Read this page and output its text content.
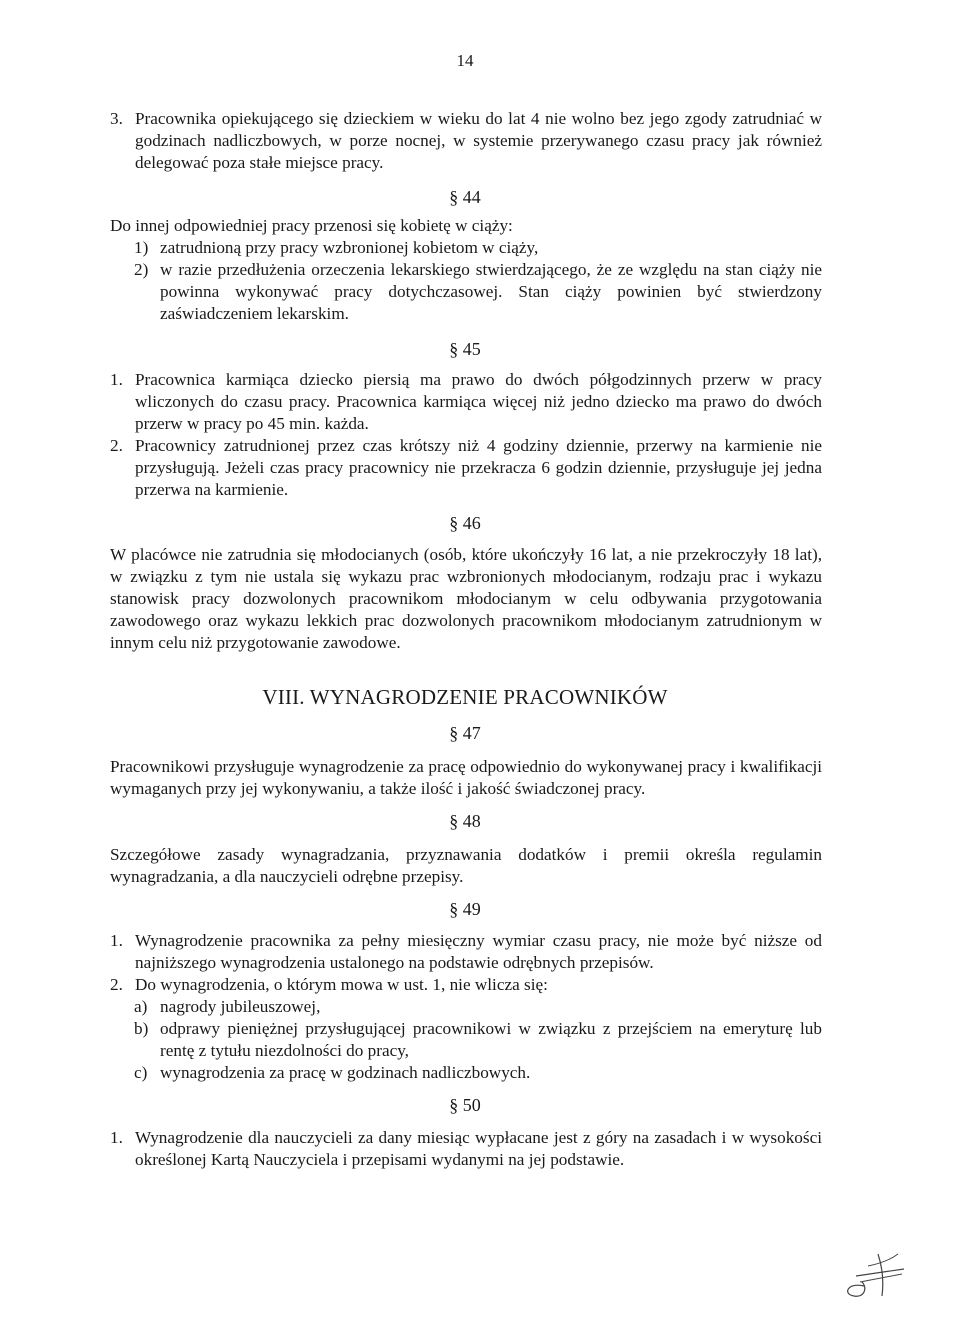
14

3. Pracownika opiekującego się dzieckiem w wieku do lat 4 nie wolno bez jego zgody zatrudniać w godzinach nadliczbowych, w porze nocnej, w systemie przerywanego czasu pracy jak również delegować poza stałe miejsce pracy.

§ 44

Do innej odpowiedniej pracy przenosi się kobietę w ciąży:

1) zatrudnioną przy pracy wzbronionej kobietom w ciąży,

2) w razie przedłużenia orzeczenia lekarskiego stwierdzającego, że ze względu na stan ciąży nie powinna wykonywać pracy dotychczasowej. Stan ciąży powinien być stwierdzony zaświadczeniem lekarskim.

§ 45

1. Pracownica karmiąca dziecko piersią ma prawo do dwóch półgodzinnych przerw w pracy wliczonych do czasu pracy. Pracownica karmiąca więcej niż jedno dziecko ma prawo do dwóch przerw w pracy po 45 min. każda.

2. Pracownicy zatrudnionej przez czas krótszy niż 4 godziny dziennie, przerwy na karmienie nie przysługują. Jeżeli czas pracy pracownicy nie przekracza 6 godzin dziennie, przysługuje jej jedna przerwa na karmienie.

§ 46

W placówce nie zatrudnia się młodocianych (osób, które ukończyły 16 lat, a nie przekroczyły 18 lat), w związku z tym nie ustala się wykazu prac wzbronionych młodocianym, rodzaju prac i wykazu stanowisk pracy dozwolonych pracownikom młodocianym w celu odbywania przygotowania zawodowego oraz wykazu lekkich prac dozwolonych pracownikom młodocianym zatrudnionym w innym celu niż przygotowanie zawodowe.

VIII. WYNAGRODZENIE PRACOWNIKÓW
§ 47

Pracownikowi przysługuje wynagrodzenie za pracę odpowiednio do wykonywanej pracy i kwalifikacji wymaganych przy jej wykonywaniu, a także ilość i jakość świadczonej pracy.

§ 48

Szczegółowe zasady wynagradzania, przyznawania dodatków i premii określa regulamin wynagradzania, a dla nauczycieli odrębne przepisy.

§ 49

1. Wynagrodzenie pracownika za pełny miesięczny wymiar czasu pracy, nie może być niższe od najniższego wynagrodzenia ustalonego na podstawie odrębnych przepisów.

2. Do wynagrodzenia, o którym mowa w ust. 1, nie wlicza się:

a) nagrody jubileuszowej,

b) odprawy pieniężnej przysługującej pracownikowi w związku z przejściem na emeryturę lub rentę z tytułu niezdolności do pracy,

c) wynagrodzenia za pracę w godzinach nadliczbowych.

§ 50

1. Wynagrodzenie dla nauczycieli za dany miesiąc wypłacane jest z góry na zasadach i w wysokości określonej Kartą Nauczyciela i przepisami wydanymi na jej podstawie.
